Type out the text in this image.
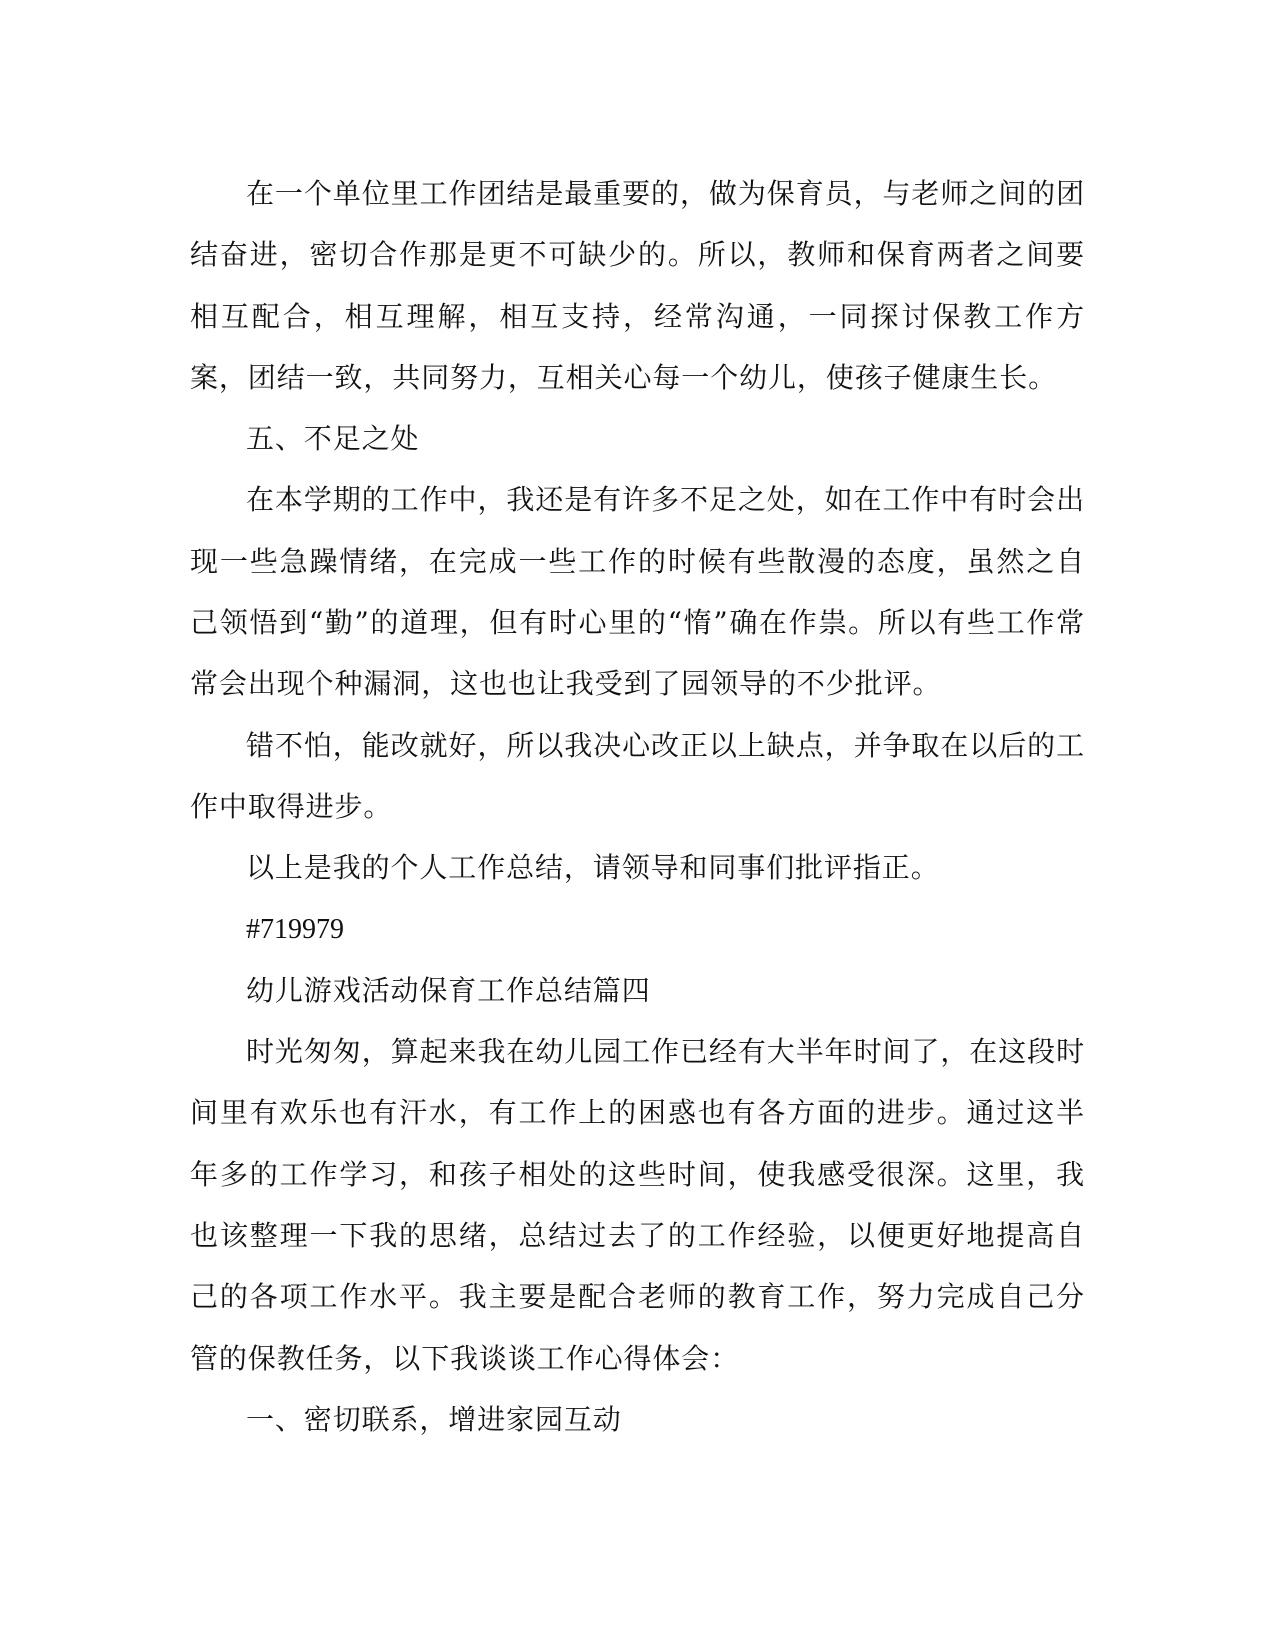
在一个单位里工作团结是最重要的，做为保育员，与老师之间的团结奋进，密切合作那是更不可缺少的。所以，教师和保育两者之间要相互配合，相互理解，相互支持，经常沟通，一同探讨保教工作方案，团结一致，共同努力，互相关心每一个幼儿，使孩子健康生长。

五、不足之处

在本学期的工作中，我还是有许多不足之处，如在工作中有时会出现一些急躁情绪，在完成一些工作的时候有些散漫的态度，虽然之自己领悟到“勤”的道理，但有时心里的“惰”确在作祟。所以有些工作常常会出现个种漏洞，这也也让我受到了园领导的不少批评。

错不怕，能改就好，所以我决心改正以上缺点，并争取在以后的工作中取得进步。

以上是我的个人工作总结，请领导和同事们批评指正。

#719979

幼儿游戏活动保育工作总结篇四

时光匆匆，算起来我在幼儿园工作已经有大半年时间了，在这段时间里有欢乐也有汗水，有工作上的困惑也有各方面的进步。通过这半年多的工作学习，和孩子相处的这些时间，使我感受很深。这里，我也该整理一下我的思绪，总结过去了的工作经验，以便更好地提高自己的各项工作水平。我主要是配合老师的教育工作，努力完成自己分管的保教任务，以下我谈谈工作心得体会：

一、密切联系，增进家园互动
